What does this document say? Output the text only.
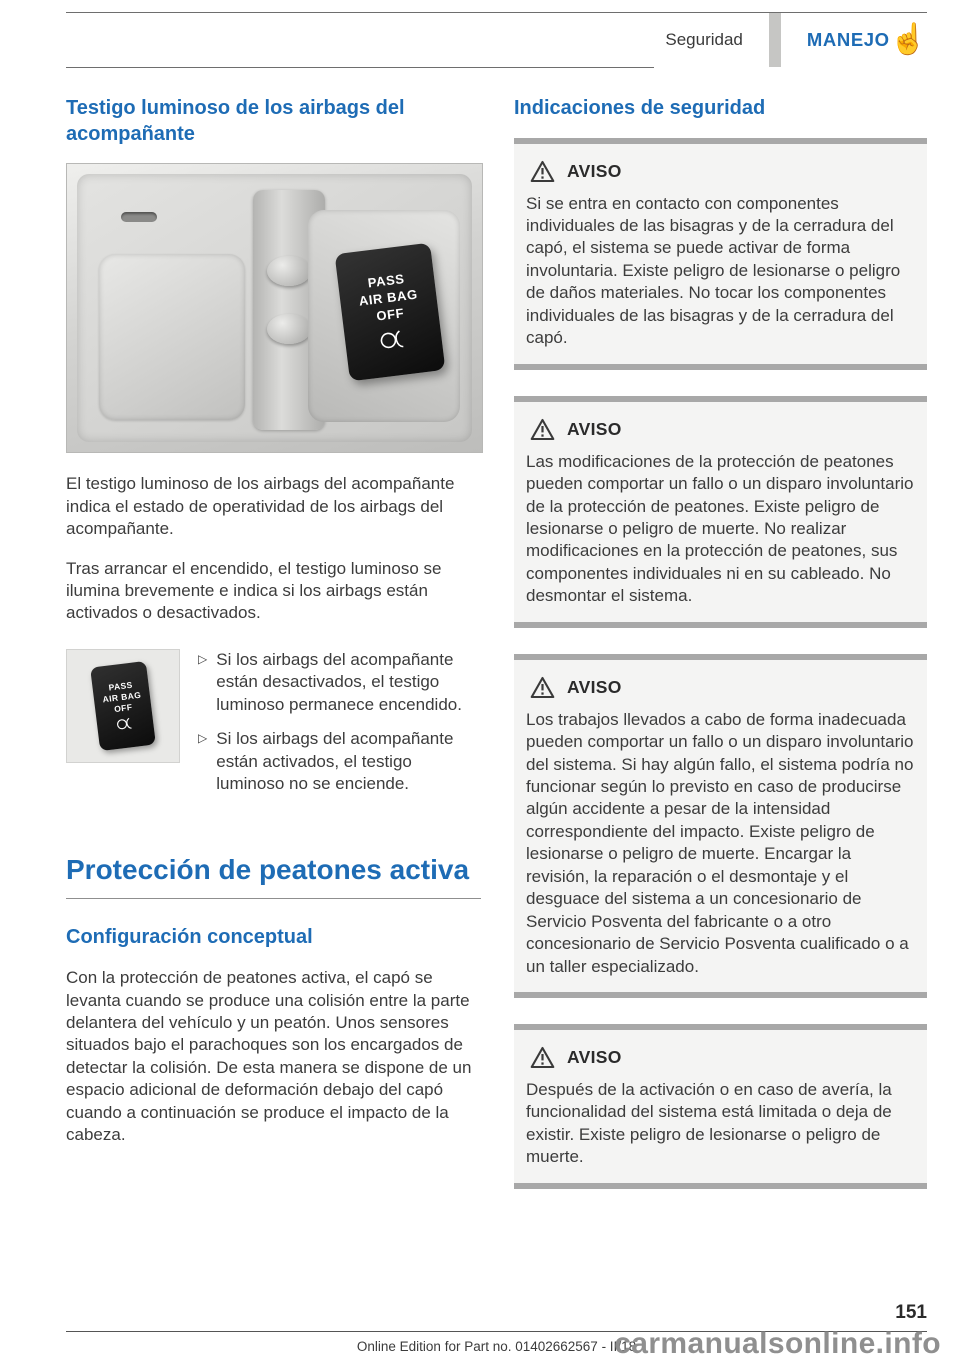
Seguridad	MANEJO ☝
Testigo luminoso de los airbags del acompañante
PASS
AIR BAG
OFF

El testigo luminoso de los airbags del acompañante indica el estado de operatividad de los airbags del acompañante.

Tras arrancar el encendido, el testigo luminoso se ilumina brevemente e indica si los airbags están activados o desactivados.

PASS
AIR BAG
OFF
▷ Si los airbags del acompañante están desactivados, el testigo luminoso permanece encendido.
▷ Si los airbags del acompañante están activados, el testigo luminoso no se enciende.
Protección de peatones activa
Configuración conceptual

Con la protección de peatones activa, el capó se levanta cuando se produce una colisión entre la parte delantera del vehículo y un peatón. Unos sensores situados bajo el parachoques son los encargados de detectar la colisión. De esta manera se dispone de un espacio adicional de deformación debajo del capó cuando a continuación se produce el impacto de la cabeza.

Indicaciones de seguridad
AVISO

Si se entra en contacto con componentes individuales de las bisagras y de la cerradura del capó, el sistema se puede activar de forma involuntaria. Existe peligro de lesionarse o peligro de daños materiales. No tocar los componentes individuales de las bisagras y de la cerradura del capó.

AVISO

Las modificaciones de la protección de peatones pueden comportar un fallo o un disparo involuntario de la protección de peatones. Existe peligro de lesionarse o peligro de muerte. No realizar modificaciones en la protección de peatones, sus componentes individuales ni en su cableado. No desmontar el sistema.

AVISO

Los trabajos llevados a cabo de forma inadecuada pueden comportar un fallo o un disparo involuntario del sistema. Si hay algún fallo, el sistema podría no funcionar según lo previsto en caso de producirse algún accidente a pesar de la intensidad correspondiente del impacto. Existe peligro de lesionarse o peligro de muerte. Encargar la revisión, la reparación o el desmontaje y el desguace del sistema a un concesionario de Servicio Posventa del fabricante o a otro concesionario de Servicio Posventa cualificado o a un taller especializado.

AVISO

Después de la activación o en caso de avería, la funcionalidad del sistema está limitada o deja de existir. Existe peligro de lesionarse o peligro de muerte.

151
Online Edition for Part no. 01402662567 - II/18
carmanualsonline.info
